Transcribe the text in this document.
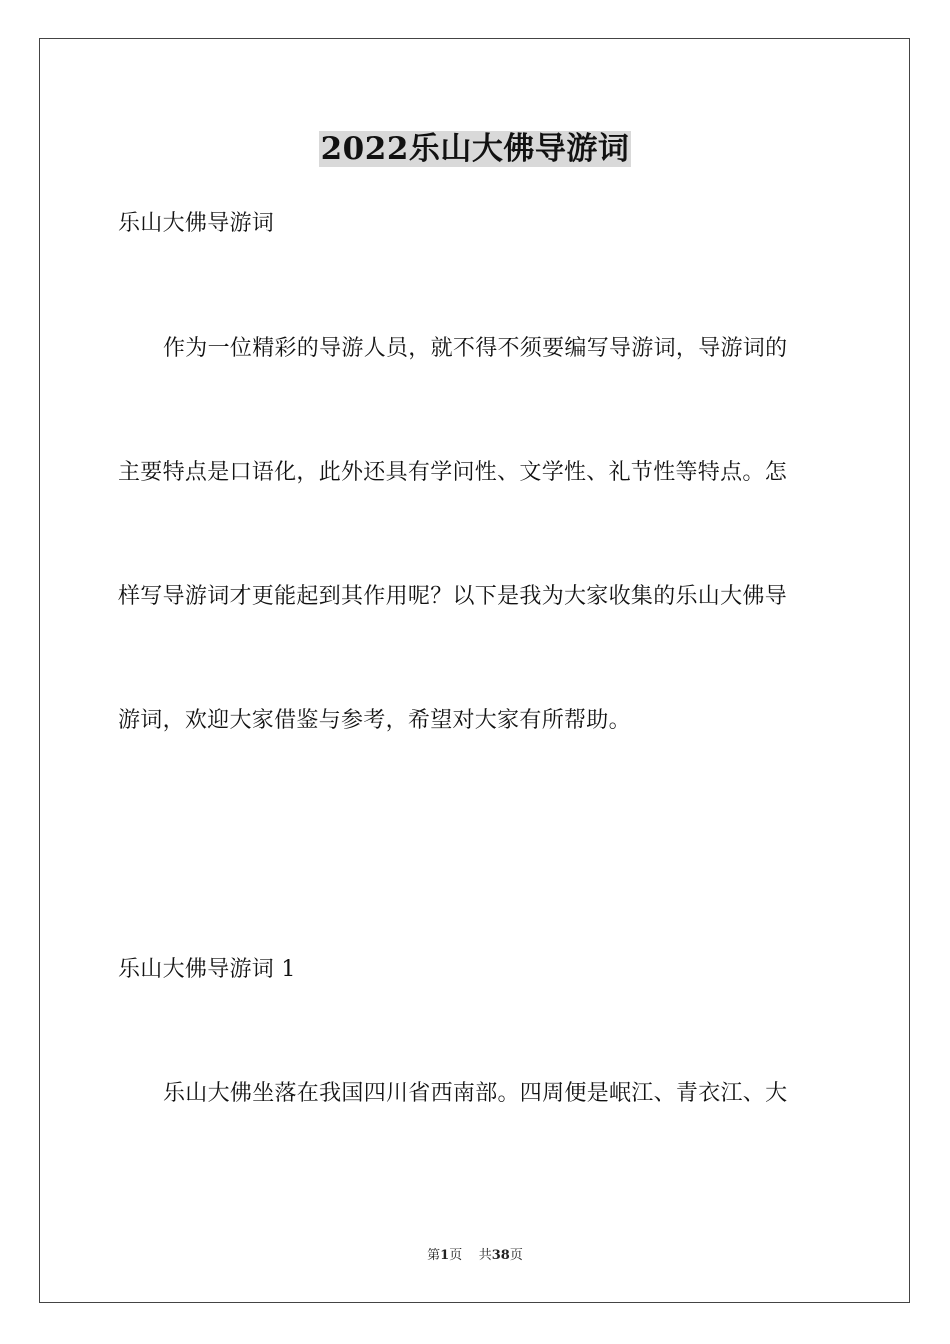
2022乐山大佛导游词
乐山大佛导游词
作为一位精彩的导游人员，就不得不须要编写导游词，导游词的
主要特点是口语化，此外还具有学问性、文学性、礼节性等特点。怎
样写导游词才更能起到其作用呢？以下是我为大家收集的乐山大佛导
游词，欢迎大家借鉴与参考，希望对大家有所帮助。
乐山大佛导游词 1
乐山大佛坐落在我国四川省西南部。四周便是岷江、青衣江、大
第1页 共38页
